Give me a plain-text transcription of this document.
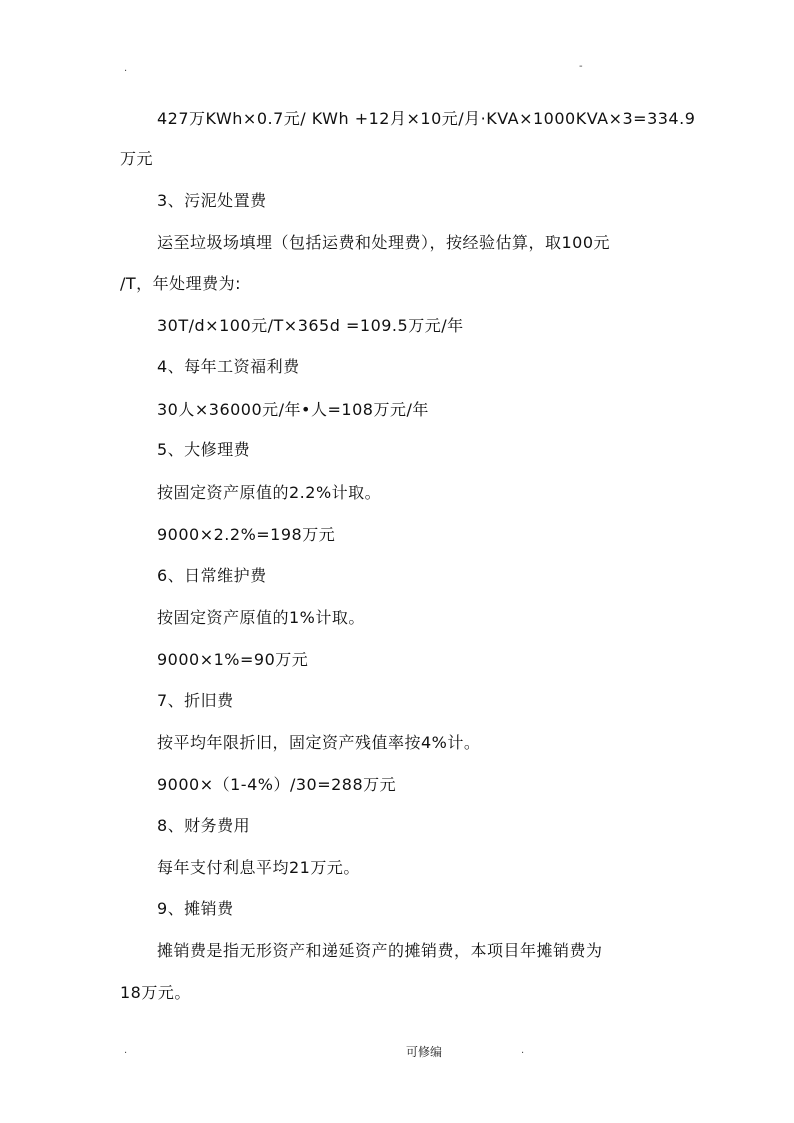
.	-
427万KWh×0.7元/ KWh +12月×10元/月·KVA×1000KVA×3=334.9
万元
3、污泥处置费
运至垃圾场填埋（包括运费和处理费），按经验估算，取100元
/T，年处理费为:
30T/d×100元/T×365d =109.5万元/年
4、每年工资福利费
30人×36000元/年•人=108万元/年
5、大修理费
按固定资产原值的2.2%计取。
9000×2.2%=198万元
6、日常维护费
按固定资产原值的1%计取。
9000×1%=90万元
7、折旧费
按平均年限折旧，固定资产残值率按4%计。
9000×（1-4%）/30=288万元
8、财务费用
每年支付利息平均21万元。
9、摊销费
摊销费是指无形资产和递延资产的摊销费，本项目年摊销费为
18万元。
.	可修编	.
